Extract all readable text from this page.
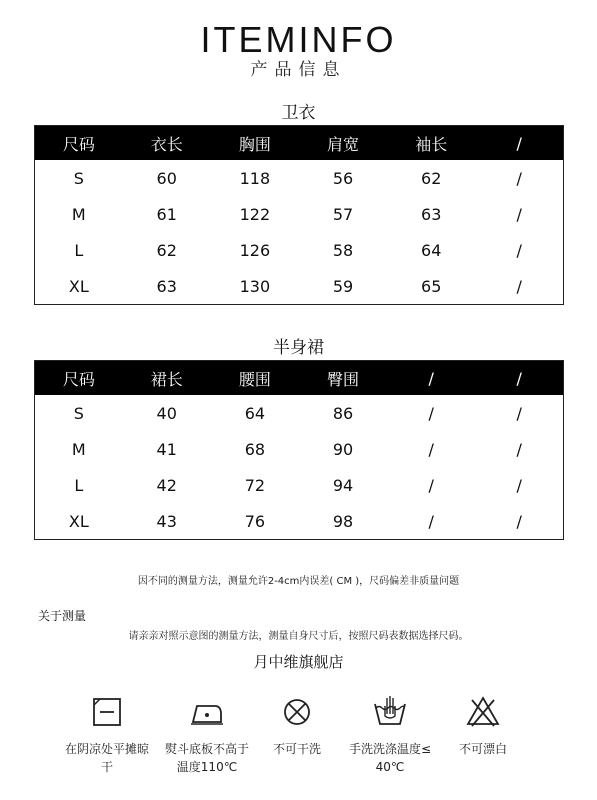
ITEMINFO
产品信息
卫衣
尺码	衣长	胸围	肩宽	袖长	/
S	60	118	56	62	/
M	61	122	57	63	/
L	62	126	58	64	/
XL	63	130	59	65	/
半身裙
尺码	裙长	腰围	臀围	/	/
S	40	64	86	/	/
M	41	68	90	/	/
L	42	72	94	/	/
XL	43	76	98	/	/
因不同的测量方法，测量允许2-4cm内误差( CM )，尺码偏差非质量问题
关于测量
请亲亲对照示意图的测量方法，测量自身尺寸后，按照尺码表数据选择尺码。
月中维旗舰店
在阴凉处平摊晾
干
熨斗底板不高于
温度110℃
不可干洗	手洗洗涤温度≤
40℃
不可漂白
